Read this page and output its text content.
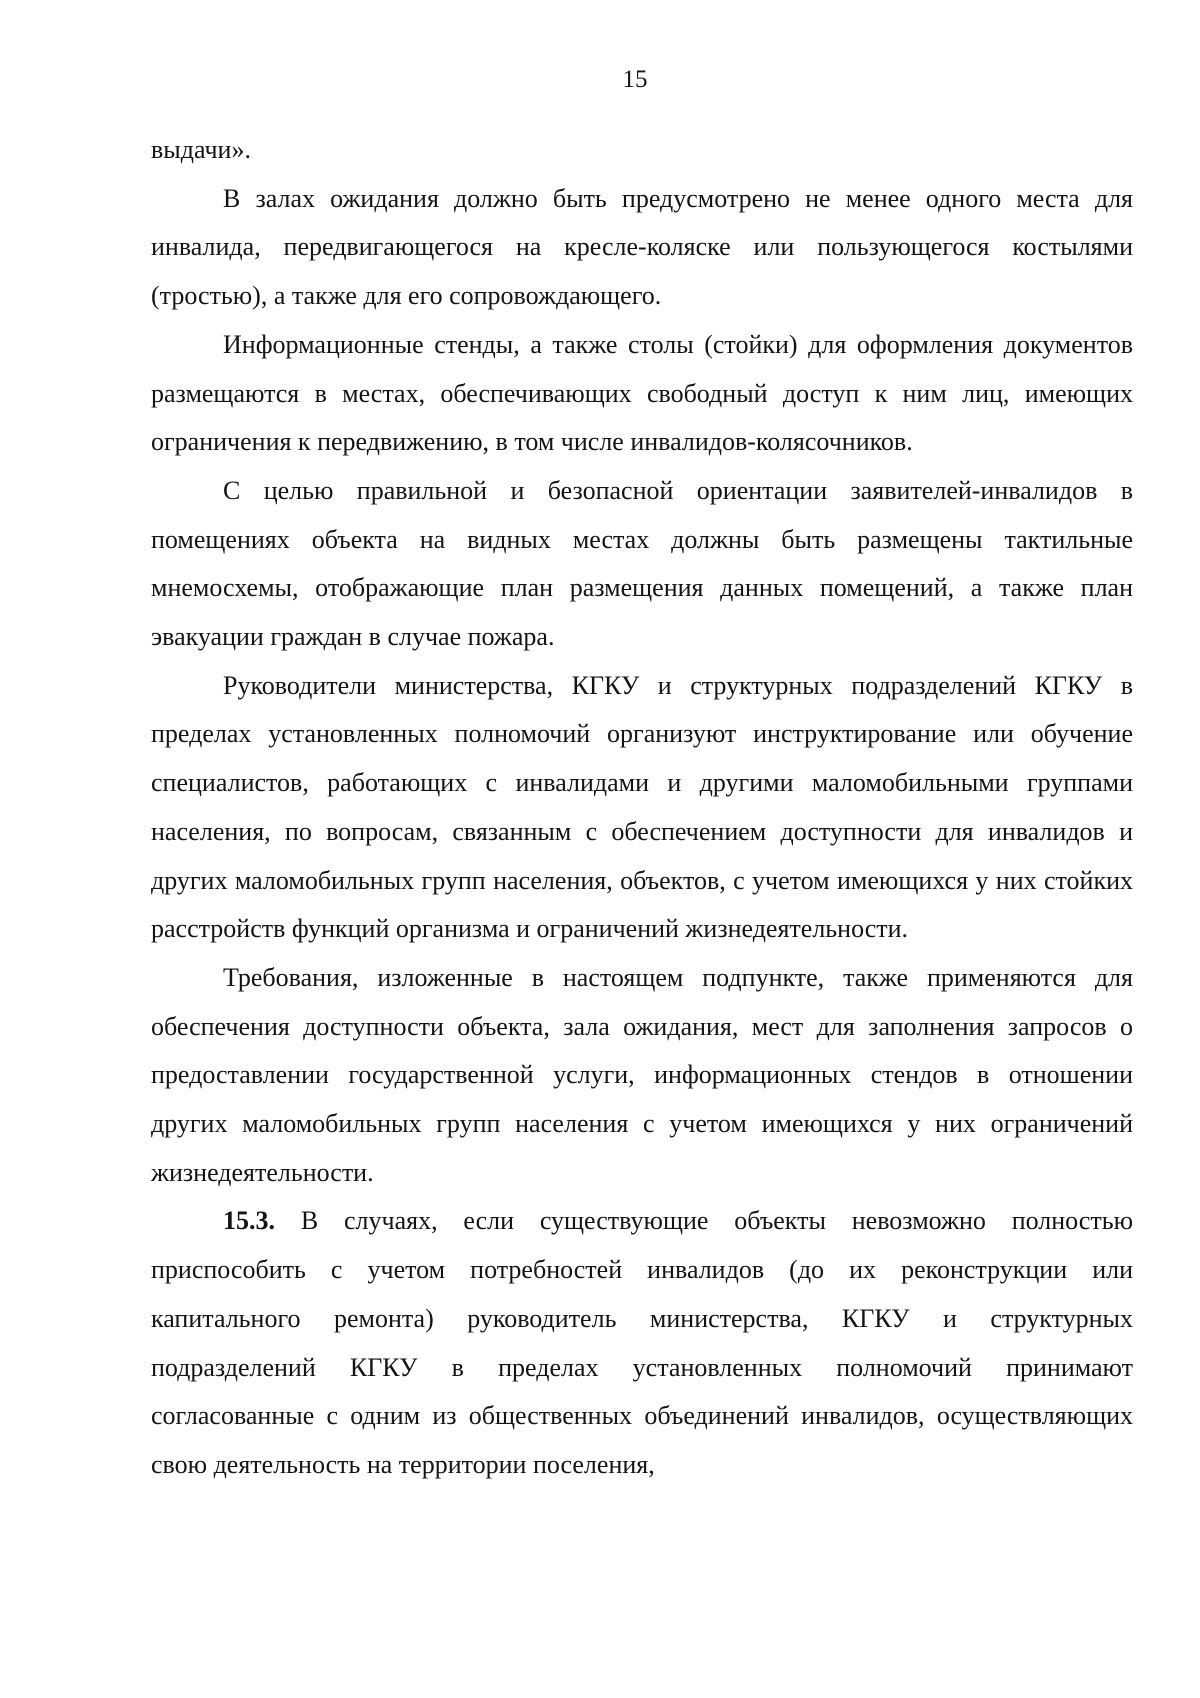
15

выдачи».

В залах ожидания должно быть предусмотрено не менее одного места для инвалида, передвигающегося на кресле-коляске или пользующегося костылями (тростью), а также для его сопровождающего.

Информационные стенды, а также столы (стойки) для оформления документов размещаются в местах, обеспечивающих свободный доступ к ним лиц, имеющих ограничения к передвижению, в том числе инвалидов-колясочников.

С целью правильной и безопасной ориентации заявителей-инвалидов в помещениях объекта на видных местах должны быть размещены тактильные мнемосхемы, отображающие план размещения данных помещений, а также план эвакуации граждан в случае пожара.

Руководители министерства, КГКУ и структурных подразделений КГКУ в пределах установленных полномочий организуют инструктирование или обучение специалистов, работающих с инвалидами и другими маломобильными группами населения, по вопросам, связанным с обеспечением доступности для инвалидов и других маломобильных групп населения, объектов, с учетом имеющихся у них стойких расстройств функций организма и ограничений жизнедеятельности.

Требования, изложенные в настоящем подпункте, также применяются для обеспечения доступности объекта, зала ожидания, мест для заполнения запросов о предоставлении государственной услуги, информационных стендов в отношении других маломобильных групп населения с учетом имеющихся у них ограничений жизнедеятельности.

15.3. В случаях, если существующие объекты невозможно полностью приспособить с учетом потребностей инвалидов (до их реконструкции или капитального ремонта) руководитель министерства, КГКУ и структурных подразделений КГКУ в пределах установленных полномочий принимают согласованные с одним из общественных объединений инвалидов, осуществляющих свою деятельность на территории поселения,
